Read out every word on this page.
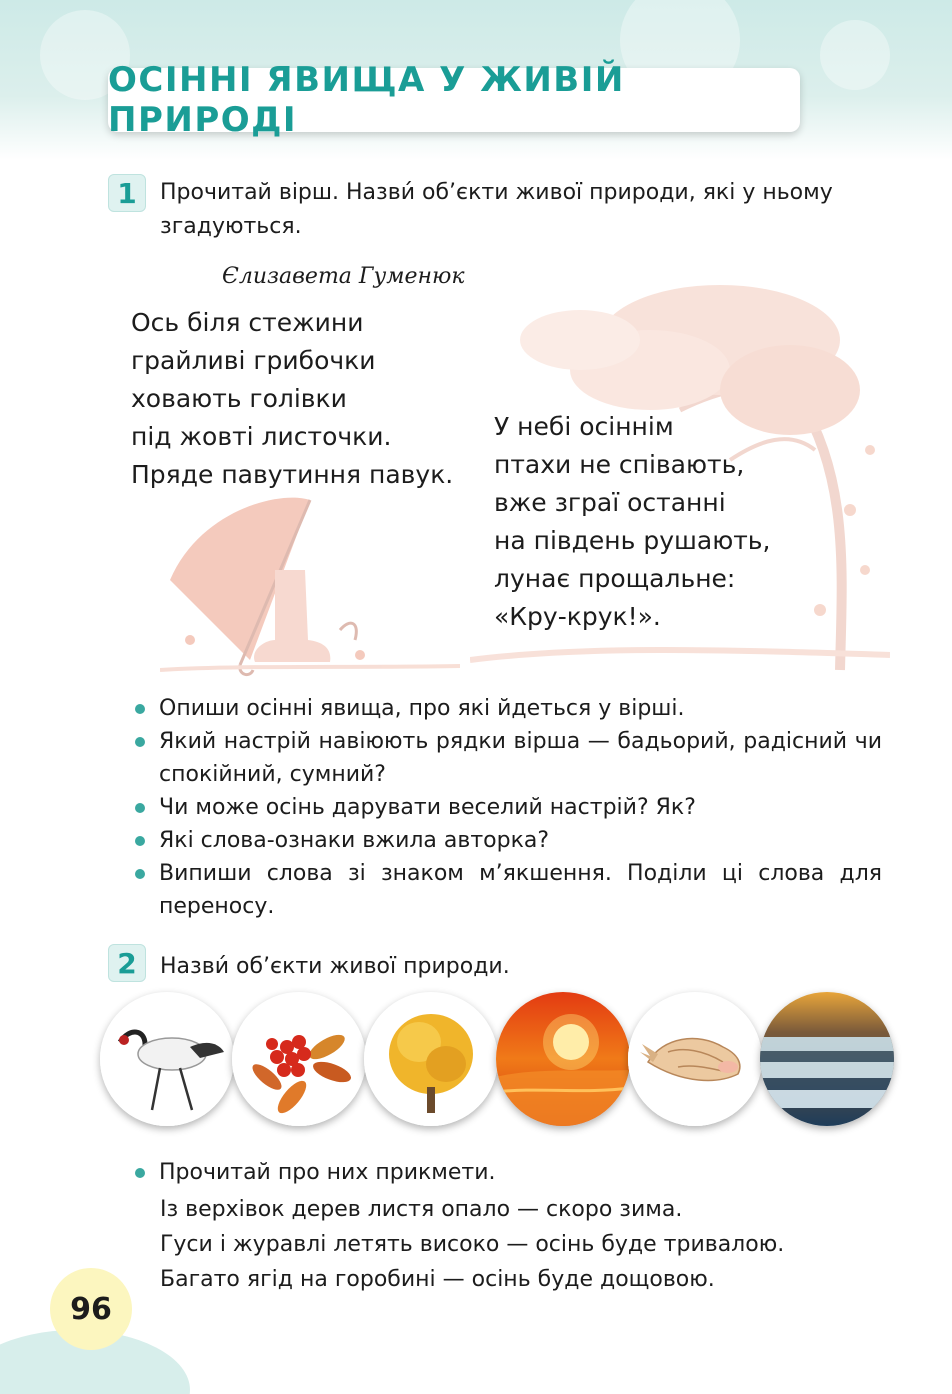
ОСІННІ ЯВИЩА У ЖИВІЙ ПРИРОДІ
1	Прочитай вірш. Назви́ об’єкти живої природи, які у ньому
згадуються.
Єлизавета Гуменюк
Ось біля стежини
грайливі грибочки
ховають голівки
під жовті листочки.
Пряде павутиння павук.
У небі осіннім
птахи не співають,
вже зграї останні
на південь рушають,
лунає прощальне:
«Кру-крук!».
Опиши осінні явища, про які йдеться у вірші.
Який настрій навіюють рядки вірша — бадьорий, радісний чи спокійний, сумний?
Чи може осінь дарувати веселий настрій? Як?
Які слова-ознаки вжила авторка?
Випиши слова зі знаком м’якшення. Поділи ці слова для переносу.
2	Назви́ об’єкти живої природи.
Прочитай про них прикмети.
Із верхівок дерев листя опало — скоро зима.
Гуси і журавлі летять високо — осінь буде тривалою.
Багато ягід на горобині — осінь буде дощовою.
96
